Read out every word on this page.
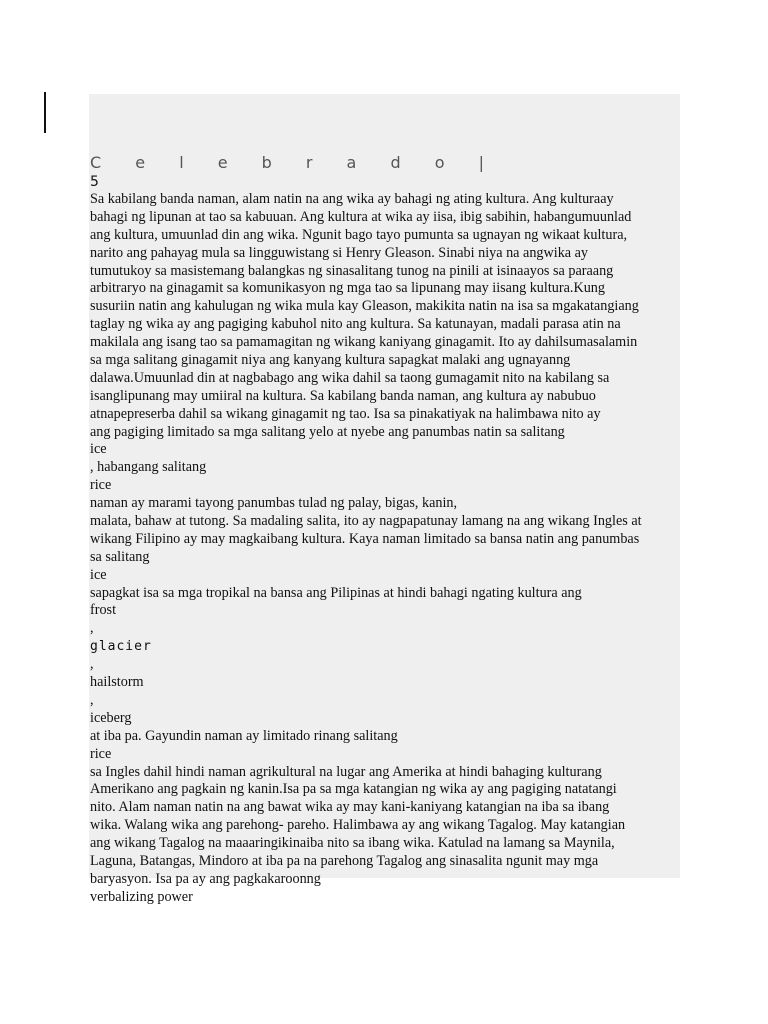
C e l e b r a d o |
5
Sa kabilang banda naman, alam natin na ang wika ay bahagi ng ating kultura. Ang kulturaay
bahagi ng lipunan at tao sa kabuuan. Ang kultura at wika ay iisa, ibig sabihin, habangumuunlad
ang kultura, umuunlad din ang wika. Ngunit bago tayo pumunta sa ugnayan ng wikaat kultura,
narito ang pahayag mula sa lingguwistang si Henry Gleason. Sinabi niya na angwika ay
tumutukoy sa masistemang balangkas ng sinasalitang tunog na pinili at isinaayos sa paraang
arbitraryo na ginagamit sa komunikasyon ng mga tao sa lipunang may iisang kultura.Kung
susuriin natin ang kahulugan ng wika mula kay Gleason, makikita natin na isa sa mgakatangiang
taglay ng wika ay ang pagiging kabuhol nito ang kultura. Sa katunayan, madali parasa atin na
makilala ang isang tao sa pamamagitan ng wikang kaniyang ginagamit. Ito ay dahilsumasalamin
sa mga salitang ginagamit niya ang kanyang kultura sapagkat malaki ang ugnayanng
dalawa.Umuunlad din at nagbabago ang wika dahil sa taong gumagamit nito na kabilang sa
isanglipunang may umiiral na kultura. Sa kabilang banda naman, ang kultura ay nabubuo
atnapepreserba dahil sa wikang ginagamit ng tao. Isa sa pinakatiyak na halimbawa nito ay
ang pagiging limitado sa mga salitang yelo at nyebe ang panumbas natin sa salitang
ice
, habangang salitang
rice
naman ay marami tayong panumbas tulad ng palay, bigas, kanin,
malata, bahaw at tutong. Sa madaling salita, ito ay nagpapatunay lamang na ang wikang Ingles at
wikang Filipino ay may magkaibang kultura. Kaya naman limitado sa bansa natin ang panumbas
sa salitang
ice
sapagkat isa sa mga tropikal na bansa ang Pilipinas at hindi bahagi ngating kultura ang
frost
,
glacier
,
hailstorm
,
iceberg
at iba pa. Gayundin naman ay limitado rinang salitang
rice
sa Ingles dahil hindi naman agrikultural na lugar ang Amerika at hindi bahaging kulturang
Amerikano ang pagkain ng kanin.Isa pa sa mga katangian ng wika ay ang pagiging natatangi
nito. Alam naman natin na ang bawat wika ay may kani-kaniyang katangian na iba sa ibang
wika. Walang wika ang parehong- pareho. Halimbawa ay ang wikang Tagalog. May katangian
ang wikang Tagalog na maaaringikinaiba nito sa ibang wika. Katulad na lamang sa Maynila,
Laguna, Batangas, Mindoro at iba pa na parehong Tagalog ang sinasalita ngunit may mga
baryasyon. Isa pa ay ang pagkakaroonng
verbalizing power
